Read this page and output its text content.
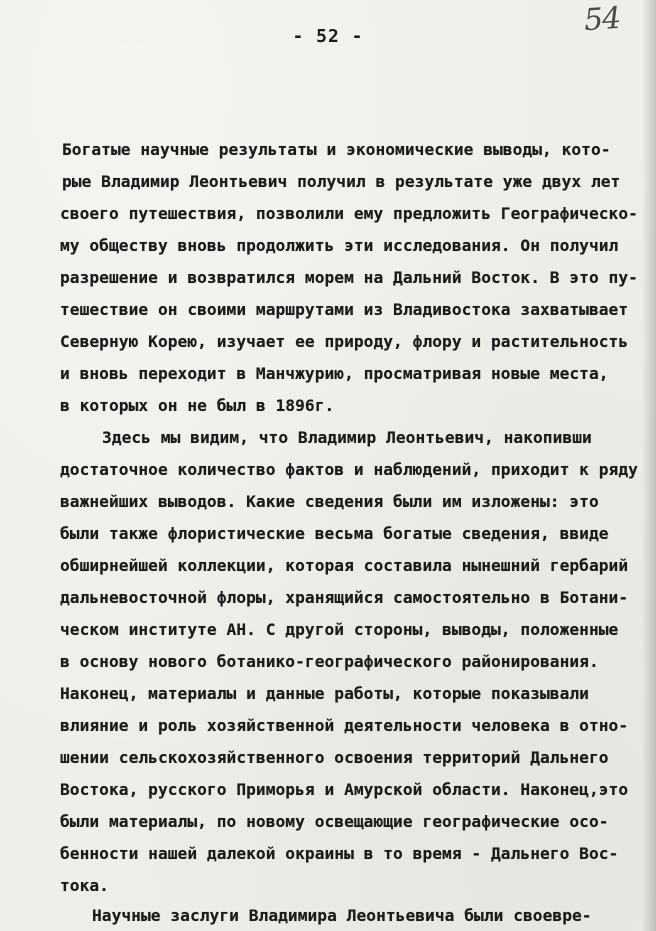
54
- 52 -
Богатые научные результаты и экономические выводы, кото-
рые Владимир Леонтьевич получил в результате уже двух лет
своего путешествия, позволили ему предложить Географическо-
му обществу вновь продолжить эти исследования. Он получил
разрешение и возвратился морем на Дальний Восток. В это пу-
тешествие он своими маршрутами из Владивостока захватывает
Северную Корею, изучает ее природу, флору и растительность
и вновь переходит в Манчжурию, просматривая новые места,
в которых он не был в 1896г.
Здесь мы видим, что Владимир Леонтьевич, накопивши
достаточное количество фактов и наблюдений, приходит к ряду
важнейших выводов. Какие сведения были им изложены: это
были также флористические весьма богатые сведения, ввиде
обширнейшей коллекции, которая составила нынешний гербарий
дальневосточной флоры, хранящийся самостоятельно в Ботани-
ческом институте АН. С другой стороны, выводы, положенные
в основу нового ботанико-географического районирования.
Наконец, материалы и данные работы, которые показывали
влияние и роль хозяйственной деятельности человека в отно-
шении сельскохозяйственного освоения территорий Дальнего
Востока, русского Приморья и Амурской области. Наконец,это
были материалы, по новому освещающие географические осо-
бенности нашей далекой окраины в то время - Дальнего Вос-
тока.
Научные заслуги Владимира Леонтьевича были своевре-
